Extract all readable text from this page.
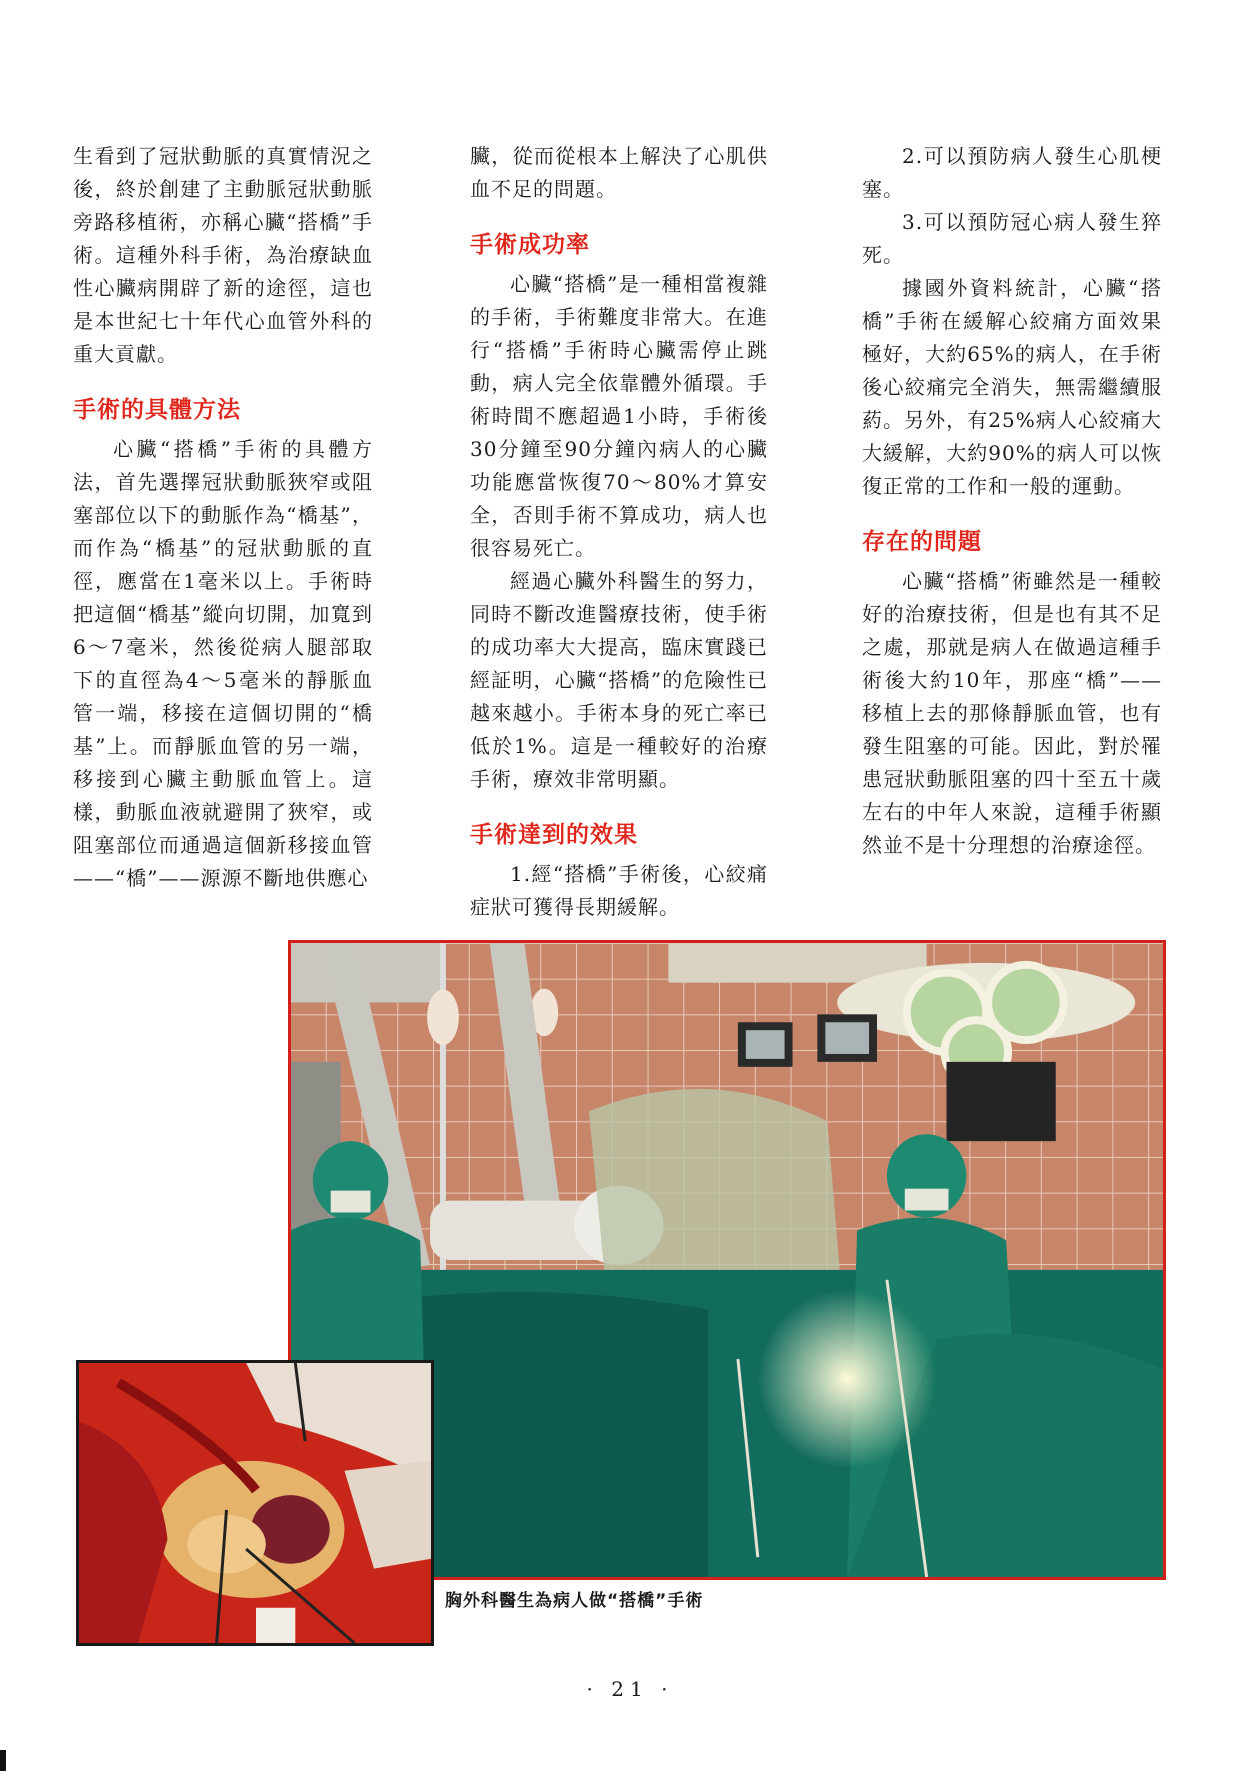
生看到了冠狀動脈的真實情況之後，終於創建了主動脈冠狀動脈旁路移植術，亦稱心臟“搭橋”手術。這種外科手術，為治療缺血性心臟病開辟了新的途徑，這也是本世紀七十年代心血管外科的重大貢獻。

手術的具體方法

心臟“搭橋”手術的具體方法，首先選擇冠狀動脈狹窄或阻塞部位以下的動脈作為“橋基”，而作為“橋基”的冠狀動脈的直徑，應當在1毫米以上。手術時把這個“橋基”縱向切開，加寬到6～7毫米，然後從病人腿部取下的直徑為4～5毫米的靜脈血管一端，移接在這個切開的“橋基”上。而靜脈血管的另一端，移接到心臟主動脈血管上。這樣，動脈血液就避開了狹窄，或阻塞部位而通過這個新移接血管——“橋”——源源不斷地供應心

臟，從而從根本上解決了心肌供血不足的問題。

手術成功率

心臟“搭橋”是一種相當複雜的手術，手術難度非常大。在進行“搭橋”手術時心臟需停止跳動，病人完全依靠體外循環。手術時間不應超過1小時，手術後30分鐘至90分鐘內病人的心臟功能應當恢復70～80%才算安全，否則手術不算成功，病人也很容易死亡。

經過心臟外科醫生的努力，同時不斷改進醫療技術，使手術的成功率大大提高，臨床實踐已經証明，心臟“搭橋”的危險性已越來越小。手術本身的死亡率已低於1%。這是一種較好的治療手術，療效非常明顯。

手術達到的效果

1.經“搭橋”手術後，心絞痛症狀可獲得長期緩解。

2.可以預防病人發生心肌梗塞。

3.可以預防冠心病人發生猝死。

據國外資料統計，心臟“搭橋”手術在緩解心絞痛方面效果極好，大約65%的病人，在手術後心絞痛完全消失，無需繼續服葯。另外，有25%病人心絞痛大大緩解，大約90%的病人可以恢復正常的工作和一般的運動。

存在的問題

心臟“搭橋”術雖然是一種較好的治療技術，但是也有其不足之處，那就是病人在做過這種手術後大約10年，那座“橋”——移植上去的那條靜脈血管，也有發生阻塞的可能。因此，對於罹患冠狀動脈阻塞的四十至五十歲左右的中年人來說，這種手術顯然並不是十分理想的治療途徑。

胸外科醫生為病人做“搭橋”手術
· 21 ·
